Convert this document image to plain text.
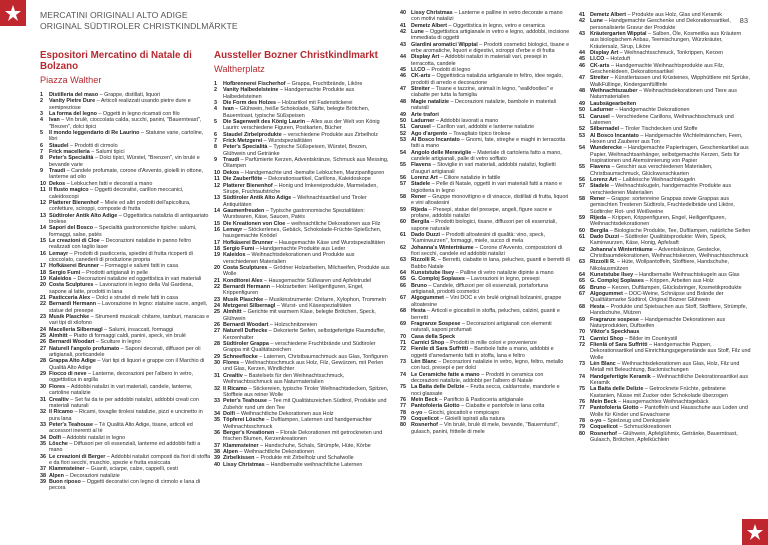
MERCATINI ORIGINALI ALTO ADIGE
ORIGINAL SÜDTIROLER CHRISTKINDLMÄRKTE	83
Espositori Mercatino di Natale di Bolzano
Piazza Walther
1 Distilleria del maso – Grappe, distillati, liquori
2 Vanity Pietre Dure – Articoli realizzati usando pietre dure e semipreziose
3 La forma del legno – Oggetti in legno ricamati con filo
4 Ivan – Vin brulè, cioccolata calda, succhi, panini, "Bauernteast", "Brezen", dolci tipici
5 Il mondo leggendario di Re Laurino – Statuine varie, cartoline, libri
6 Staudel – Prodotti di cirmolo
7 Frick macelleria – Salumi tipici
8 Peter's Specialità – Dolci tipici, Würstel, "Brenzen", vin brulé e bevande varie
9 Traudi – Candele profumate, corone d'Avvento, gioielli in ottone, lanterne ad olio
10 Dekos – Lebkuchen fatti e decorati a mano
11 Il flusto magico – Oggetti decorativi, carillon meccanici, caleidoscopi
12 Platterer Bienenhof – Miele ed altri prodotti dell'apicoltura, confetture, sciroppi, composte di frutta
13 Südtiroler Antik Alto Adige – Oggettistica natalizia di antiquariato tirolese
14 Sapori del Bosco – Specialità gastronomiche tipiche: salumi, formaggi, salse, patés
15 Le creazioni di Cloe – Decorazioni natalizie in panno feltro realizzati con taglio laser
16 Lemayr – Prodotti di pasticceria, spiedini di frutta ricoperti di cioccolato, canederli di produzione propria
17 Hofkäserei Brunner – Formaggi e salumi fatti in casa
18 Sergio Fumi – Prodotti artigianali in pelle
19 Kaleidos – Decorazioni natalizie ed oggettistica in vari materiali
20 Costa Sculptures – Lavorazioni in legno della Val Gardena, sapone al latte, prodotti in lana
21 Pasticceria Alex – Dolci e strudel di mele fatti in casa
22 Bernardi Hermann – Lavorazione in legno: statuine sacre, angeli, statue del presepe
23 Musik Plaschke – Strumenti musicali: chitarre, tamburi, maracas e vari tipi di xilofono
24 Macelleria Silbernagl – Salumi, insaccati, formaggi
25 Almhitt – Piatto di formaggi caldi, panini, speck, vin brulé
26 Bernardi Woodart – Sculture in legno
27 Naturell l'angolo profumato – Saponi decorati, diffusori per oli artigianali, porticandele
28 Grappa Alto Adige – Vari tipi di liquori e grappe con il Marchio di Qualità Alto Adige
29 Fiocco di neve – Lanterne, decorazioni per l'albero in vetro, oggettistica in argilla
30 Flores – Addobbi natalizi in vari materiali, candele, lanterne, cartoline natalizie
31 Crealtiv – Set fai da te per addobbi natalizi, addobbi creati con materiali naturali
32 Il Ricamo – Ricami, tovaglie tirolesi natalizie, pizzi e uncinetto in pura lana
33 Peter's Teahouse – Tè Qualità Alto Adige, tisane, articoli ed accessori inerenti al tè
34 Dolfi – Addobbi natalizi in legno
35 Lösche – Diffusori per oli essenziali, lanterne ed addobbi fatti a mano
36 Le creazioni di Berger – Addobbi natalizi composti da fiori di stoffa e da fiori secchi, muschio, spezie e frutta essiccata
37 Klammsteiner – Guanti, sciarpe, calze, cappelli, cesti
38 Alpen – Decorazioni natalizie
39 Buon riposo – Oggetti decorativi con legno di cirmolo e lana di pecora
Aussteller Bozner Christkindlmarkt
Waltherplatz
1 Hofbrennerei Fischerhof – Grappa, Fruchtbrände, Liköre
2 Vanity Halbedelsteine – Handgemachte Produkte aus Halbedelsteinen
3 Die Form des Holzes – Holzartikel mit Fadenstickerei
4 Ivan – Glühwein, heiße Schokolade, Säfte, belegte Brötchen, Bauerntoast, typische Süßspeisen
5 Die Sagenwelt des König Laurin – Alles aus der Welt von König Laurin: verschiedene Figuren, Postkarten, Bücher
6 Staudel Zirbelprodukte – verschiedene Produkte aus Zirbelholz
7 Frick Metzgerei – Wurstspezialitäten
8 Peter's Specialità – Typische Süßspeisen, Würstel, Brezen, Glühwein und Getränke
9 Traudi – Parfümierte Kerzen, Adventskränze, Schmuck aus Messing, Öllampen
10 Dekos – Handgemachte und -bemalte Lebkuchen, Marzipanfiguren
11 Die Zauberflöte – Dekorationsartikel, Carillons, Kaleidoskope
12 Platterer Bienenhof – Honig und Imkereiprodukte, Marmeladen, Sirupe, Fruchtaufstriche
13 Südtiroler Antik Alto Adige – Weihnachtsartikel und Tiroler Antiquitäten
14 Gaumenfreuden – Typische gastronomische Spezialitäten: Wurstwaren, Käse, Saucen, Patés
15 Die Kreationen von Cloe – weihnachtliche Dekorationen aus Filz
16 Lemayr – Stöckerlenes, Gebäck, Schokolade-Früchte-Spießchen, hausgemachte Knödel
17 Hofkäserei Brunner – Hausgemachte Käse und Wurstspezialitäten
18 Sergio Fumi – Handgemachte Produkte aus Leder
19 Kaleidos – Weihnachtsdekorationen und Produkte aus verschiedenen Materialien
20 Costa Sculptures – Grödner Holzarbeiten, Milchseifen, Produkte aus Wolle
21 Konditorei Alex – Hausgemachte Süßwaren und Apfelstrudel
22 Bernardi Hermann – Holzarbeiten: Heiligenfiguren, Engel, Krippenfiguren
23 Musik Plaschke – Musikinstrumente: Chitarre, Xylophon, Trommeln
24 Metzgerei Silbernagl – Wurst- und Käsespezialitäten
25 Almhitt – Gerichte mit warmem Käse, belegte Brötchen, Speck, Glühwein
26 Bernardi Woodart – Holzschnitzereien
27 Naturell Duftecke – Dekorierte Seifen, selbstgefertigte Raumduffer, Kerzenhalter
28 Südtiroler Grappa – verschiedene Fruchtbrände und Südtiroler Grappa mit Qualitätszeichen
29 Schneeflocke – Laternen, Christbaumschmuck aus Glas, Tonfiguren
30 Flores – Weihnachtsschmuck aus Holz, Filz, Gewürzen, mit Perlen und Glas, Kerzen, Windlichter
31 Crealtiv – Bastelsets für den Weihnachtsschmuck, Weihnachtsschmuck aus Naturmaterialien
32 Il Ricamo – Stickereien, typische Tiroler Weihnachtsdecken, Spitzen, Stoffteie aus reiner Wolle
33 Peter's Teahouse – Tee mit Qualitätszeichen Südtirol, Produkte und Zubehör rund um den Tee
34 Dolfi – Weihnachtliche Dekorationen aus Holz
35 Töpferei Lösche – Duftlampen, Laternen und handgemachter Weihnachtsschmuck
36 Berger's Kreationen – Florale Dekorationen mit getrockneten und frischen Blumen, Kerzenkreationen
37 Klammsteiner – Handschuhe, Schals, Strümpfe, Hüte, Körbe
38 Alpen – Weihnachtliche Dekorationen
39 Zirbelkissen – Produkte mit Zirbelholz und Schafwolle
40 Lissy Christmas – Handbemalte weihnachtliche Laternen
40 Lissy Christmas – Lanterne e palline in vetro decorate a mano con motivi natalizi
41 Demetz Albert – Oggettistica in legno, vetro e ceramica
42 Lune – Oggettistica artigianale in vetro e legno, addobbi, incisione immediata di oggetti
43 Giardini aromatici Wipptal – Prodotti cosmetici biologici, tisane e erbe aromatiche, liquori e digestivi, sciroppi d'erbe e di frutta
44 Display Art – Addobbi natalizi in materiali vari, presepi in terracotta, candele
45 LI.CO – Prodotti di legno
46 CK-arts – Oggettistica natalizia artigianale in feltro, idee regalo, prodotti di arredo e decorazione
47 Streiter – Tisane e tazzine, animali in legno, "walkfootles" e ciabatte per tutta la famiglia
48 Magie natalizie – Decorazioni natalizie, bambole in materiali naturali
49 Arte trafori
50 Ladurner – Addobbi lavorati a mano
51 Carusel – Carillon vari, addobbi e lanterne natalizie
52 Ago d'argento – Tovagliato tipico tirolese
53 Al Bosco Incantato – Gnomi, fate, streghe e maghi in terracotta fatti a mano
54 Angolo delle Meraviglie – Materiale di cartoleria fatto a mano, candele artigianali, palle di vetro soffiato
55 Flavens – Stoviglie in vari materiali, addobbi natalizi, foglietti d'auguri artigianali
56 Lorenz Art – Ciliore natalizie in fattile
57 Stadele – Pelle di Natale, oggetti in vari materiali fatti a mano e bigiotteria in legno
58 Rener – Gruppe monovitigno e di vinacce, distillati di frutta, liquori e vini altoatesini
59 Rijeda – Presepi, statue del presepe, angeli, figure sacre e profane, addobbi natalizi
60 Bergila – Prodotti biologici, tisane, diffusori per oli essenziali, sapone naturale
61 Dado Duzzi – Prodotti altoatesini di qualità: vino, speck, "Kaminwurzen", formaggi, miele, succo di mela
62 Johanna's Winterträume – Corone d'Avvento, composizioni di fiori secchi, candele ed addobbi natalizi
63 Rizzolli R. – Berretti, ciabatte in lana, peluches, guanti e berretti di Babbo Natale
64 Kunststube Ilsey – Palline di vetro natalizie dipinte a mano
65 G. Comploj Soplases – Lavorazioni in legno, presepi
66 Bruno – Candele, diffusori per oli essenziali, portafortuna artigianali, prodotti cosmetici
67 Algogummet – Vini DOC e vin brulé originali bolzanini, grappe altoatesine
68 Hesta – Articoli e giocattoli in stoffa, peluches, calzini, guanti e berretti
69 Fragranze Sospese – Decorazioni artigianali con elementi naturali, saponi profumati
70 Casa della Speck
71 Carnici Shop – Prodotti in mille colori e provenienze
72 Fienile di Sara Suffritti – Bambole fatte a mano, addobbi e oggetti d'arredamento fatti in stoffa, lana e feltro
73 Lèn Blanc – Decorazioni natalizie in vetro, legno, feltro, metallo con luci, presepi e per dolci
74 Le Ceramiche fatte a mano – Prodotti in ceramica con decorazioni natalizie, addobbi per l'albero di Natale
75 La Baita delle Delizie – Frutta secca, caldarroste, mandorle e noci glassate
76 Mein Beck – Panificio & Pasticceria artigianale
77 Pantofoleria Giotto – Ciabatte e pantofole in lana cotta
78 o-yo – Giochi, giocattoli e rompicapo
79 Coquelicot – Gioielli ispirati alla natura
80 Rosnerhof – Vin brulè, brulè di mele, bevande, "Bauernturst", gulasch, panini, frittelle di mele
41 Demetz Albert – Produkte aus Holz, Glas und Keramik
42 Lune – Handgemachte Geschenke und Dekorationsartikel, personalisierte Gravur der Produkte
43 Kräutergarten Wipptal – Salben, Öle, Kosmetika aus Kräutern aus biologischem Anbau, Teemischungen, Würzkräuter, Kräutersalz, Sirup, Liköre
44 Display Art – Weihnachtsschmuck, Tonkrippen, Kerzen
45 LI.CO – Holzduft
46 CK-arts – Handgemachte Weihnachtsprodukte aus Filz, Geschenkideen, Dekorationsartikel
47 Streiter – Künstlertassen und Krüsteines, Wipphüttlere mit Sprüke, WalkFüllinge, Kindergarnfüllfinfe
48 Weihnachtszauber – Weihnachtsdekorationen und Tiere aus Naturmaterialien
49 Laubsägearbeiten
50 Ladurner – Handgemachte Dekorationen
51 Carusel – Verschiedene Carillons, Weihnachtsschmuck und Laternen
52 Silbernadel – Tiroler Tischdecken und Stoffe
53 Al Bosco Incantato – Handgemachte Wichtelmännchen, Feen, Hexen und Zauberer aus Ton
54 Wunderecke – Handgemachte Papiertragen, Geschenkartikel aus Papier, Weihnachtsanhänger, selbstgemachte Kerzen, Sets für Inspirationen und Atemsinnierung von Papier
55 Flavens – Geschirr aus verschiedenen Materialien, Christbaumschmuck, Glückwunschkarten
56 Lorenz Art – Laibleische Weihnachtskugeln
57 Stadele – Weihnachtskugeln, handgemachte Produkte aus verschiedenen Materialien
58 Rener – Grappe: sortenreine Grappas sowie Grappas aus gemischten Tresteren Südtirols, Fruchtedelbräde und Liköre, Südtiroler Rot- und Weißweine
59 Rijeda – Krippen, Krippenfiguren, Engel, Heiligenfiguren, Weihnachtsdekorationen
60 Bergila – Biologische Produkte, Tee, Duftlampen, natürliche Seifen
61 Dado Duzzi – Südtiroler Qualitätsprodukte: Wein, Speck, Kaminwurzen, Käse, Honig, Apfelsaft
62 Johanna's Winterträume – Adventskränze, Gestecke, Christbaumdekorationen, Weihnachtskerzen, Weihnachtsschmuck
63 Rizzolli R. – Hüte, Wollpantoffeln, Stofftiere, Handschuhe, Nikolausmützen
64 Kunststube Ilsey – Handbemalte Weihnachtskugeln aus Glas
65 G. Comploj Soplases – Krippen, Arbeiten aus Holz
66 Bruno – Kerzen, Duftlampen, Glücksbringer, Kosmetikprodukte
67 Algogummet – DOC-Weine, Schnäpse und Brände der Qualitätsmarke Südtirol, Original Bozner Glühwein
68 Hesta – Produkte und Spielsachen aus Stoff, Stofftiere, Strümpfe, Handschuhe, Mützen
69 Fragranze sospese – Handgemachte Dekorationen aus Naturprodukten, Duftseifen
70 Viktor's Speckhaus
71 Carnici Shop – Bilder im Countrystil
72 Flienlä of Sara Suffritti – Handgemachte Puppen, Dekorationsartikel und Einrichtungsgegenstände aus Stoff, Filz und Wolle
73 Lèn Blanc – Weihnachtsdekorationen aus Glas, Holz, Filz und Metall mit Beleuchtung, Backmischungen
74 Handgefertigte Keramik – Weihnachtliche Dekorationsartikel aus Keramik
75 La Baita delle Delizie – Getrocknete Früchte, gebratene Kastanien, Nüsse mit Zucker oder Schokolade überzogen
76 Mein Beck – Hausgemachtes Weihnachtsgebäck
77 Pantofoleria Giotto – Pantoffeln und Hausschuhe aus Loden und Wolle für Kinder und Erwachsene
78 o-yo – Spielzeug und Denkspiele
79 Coquelicot – Schmuckkreationen
80 Rosnerhof – Glühwein, Apfelglühmix, Getränke, Bauerntoast, Gulasch, Brötchen, Apfelküchlein
